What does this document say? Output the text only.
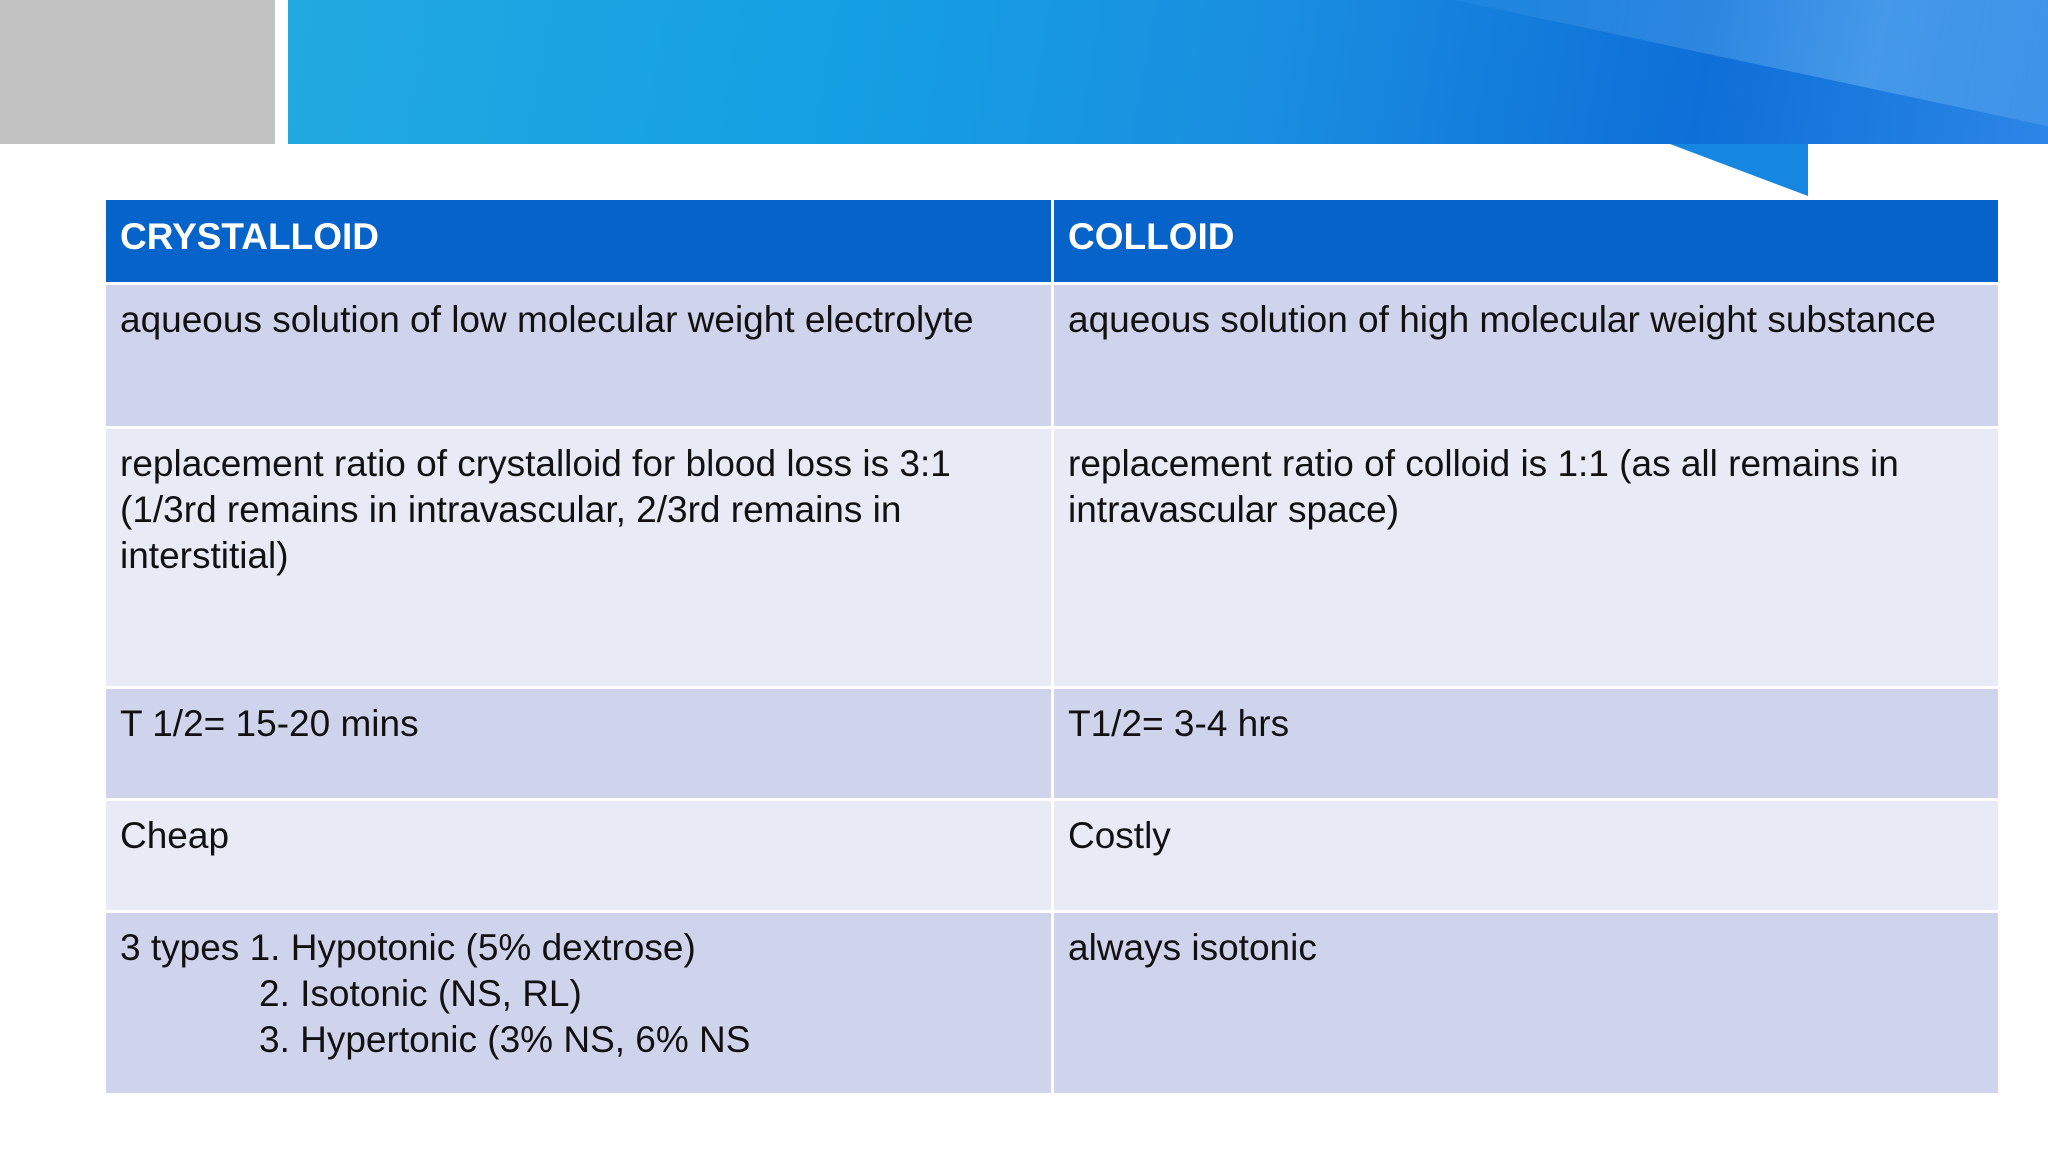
CRYSTALLOID	COLLOID
aqueous solution of low molecular weight electrolyte	aqueous solution of high molecular weight substance
replacement ratio of crystalloid for blood loss is 3:1 (1/3rd remains in intravascular, 2/3rd remains in interstitial)	replacement ratio of colloid is 1:1 (as all remains in intravascular space)
T 1/2= 15-20 mins	T1/2= 3-4 hrs
Cheap	Costly

3 types 1. Hypotonic (5% dextrose)
2. Isotonic (NS, RL)
3. Hypertonic (3% NS, 6% NS	always isotonic
